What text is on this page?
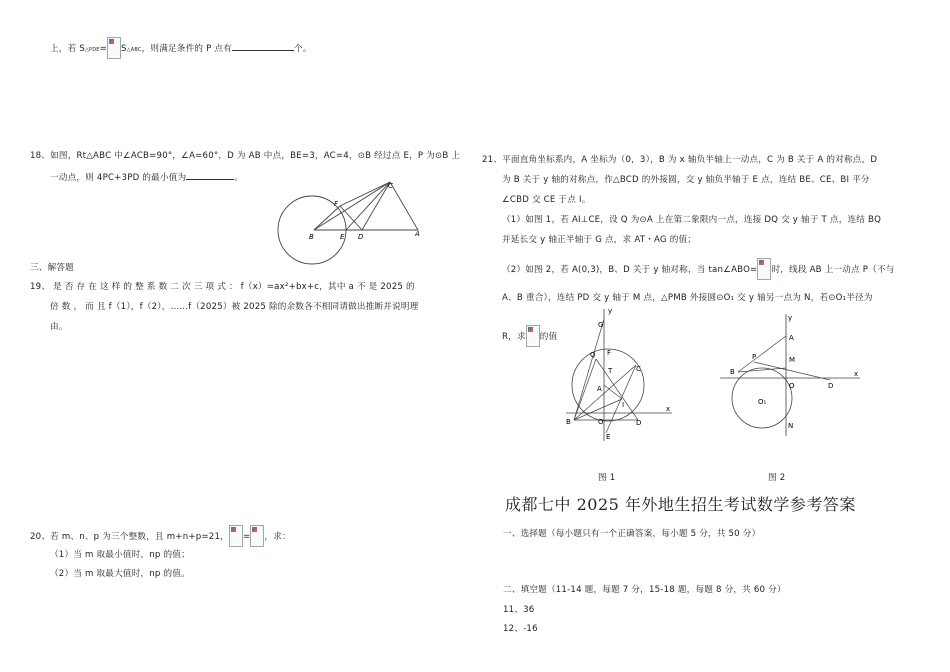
上，若 S△PDE= S△ABC，则满足条件的 P 点有	个。
18、如图，Rt△ABC 中∠ACB=90°，∠A=60°，D 为 AB 中点，BE=3，AC=4，⊙B 经过点 E，P 为⊙B 上
一动点，则 4PC+3PD 的最小值为	。
C
F
B	E D	A
三、解答题
19、 是 否 存 在 这 样 的 整 系 数 二 次 三 项 式 ： f（x）=ax²+bx+c，其中 a 不 是 2025 的
倍 数 ， 而 且 f（1），f（2），......f（2025）被 2025 除的余数各不相同请做出推断并说明理
由。
20、若 m、n、p 为三个整数，且 m+n+p=21， = ，求：
（1）当 m 取最小值时，np 的值；
（2）当 m 取最大值时，np 的值。
21、平面直角坐标系内，A 坐标为（0，3），B 为 x 轴负半轴上一动点，C 为 B 关于 A 的对称点，D
为 B 关于 y 轴的对称点，作△BCD 的外接圆，交 y 轴负半轴于 E 点，连结 BE、CE、BI 平分
∠CBD 交 CE 于点 I。
（1）如图 1，若 AI⊥CE，设 Q 为⊙A 上在第二象限内一点，连接 DQ 交 y 轴于 T 点，连结 BQ
并延长交 y 轴正半轴于 G 点，求 AT・AG 的值；
（2）如图 2，若 A(0,3)，B、D 关于 y 轴对称，当 tan∠ABO= 时，线段 AB 上一动点 P（不与
A、B 重合），连结 PD 交 y 轴于 M 点，△PMB 外接圆⊙O₁ 交 y 轴另一点为 N，若⊙O₁半径为
R，求 的值
y
G
Q F
T	C
A
I
B	O	D
E
x
y
A
P	M
B
O	D
x
O₁
N
图 1	图 2
成都七中 2025 年外地生招生考试数学参考答案
一、选择题（每小题只有一个正确答案，每小题 5 分，共 50 分）
二、填空题（11-14 题，每题 7 分，15-18 题，每题 8 分，共 60 分）
11、36
12、-16
